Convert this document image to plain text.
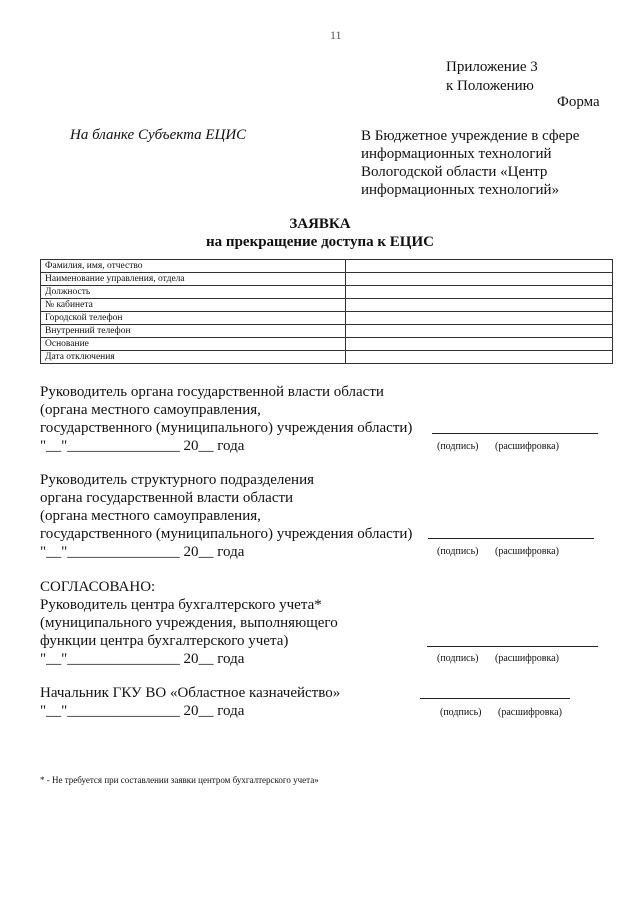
11
Приложение 3
к Положению
Форма
На бланке Субъекта ЕЦИС	В Бюджетное учреждение в сфере информационных технологий Вологодской области «Центр информационных технологий»
ЗАЯВКА
на прекращение доступа к ЕЦИС
Фамилия, имя, отчество	
Наименование управления, отдела	
Должность	
№ кабинета	
Городской телефон	
Внутренний телефон	
Основание	
Дата отключения	
Руководитель органа государственной власти области
(органа местного самоуправления,
государственного (муниципального) учреждения области)
"__"_______________ 20__ года	(подпись) (расшифровка)
Руководитель структурного подразделения
органа государственной власти области
(органа местного самоуправления,
государственного (муниципального) учреждения области)
"__"_______________ 20__ года	(подпись) (расшифровка)
СОГЛАСОВАНО:
Руководитель центра бухгалтерского учета*
(муниципального учреждения, выполняющего
функции центра бухгалтерского учета)
"__"_______________ 20__ года	(подпись) (расшифровка)
Начальник ГКУ ВО «Областное казначейство»
"__"_______________ 20__ года	(подпись) (расшифровка)
* - Не требуется при составлении заявки центром бухгалтерского учета»
